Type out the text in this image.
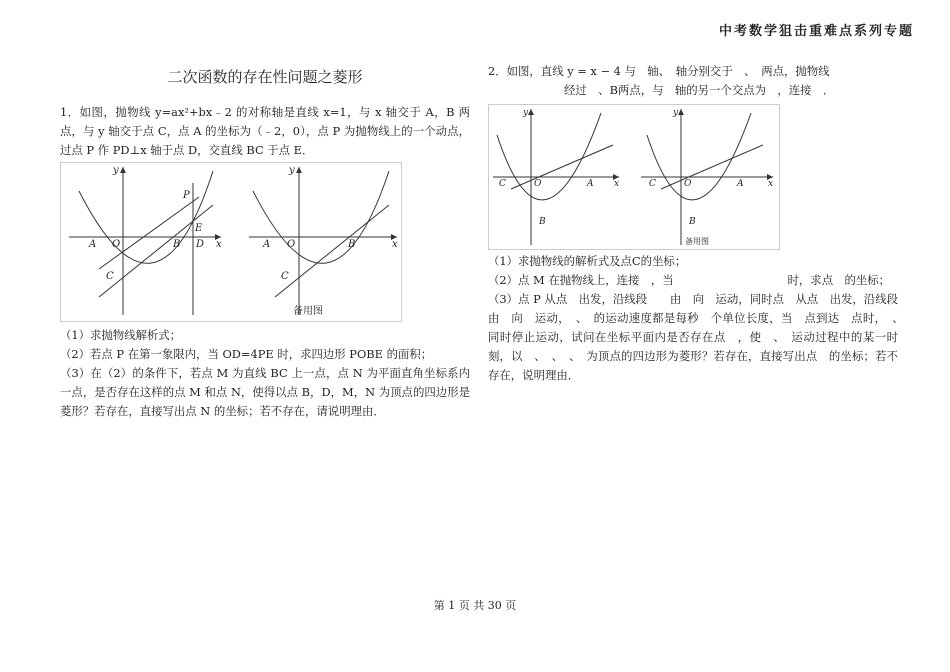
中考数学狙击重难点系列专题
二次函数的存在性问题之菱形

1．如图，抛物线 y=ax²+bx﹣2 的对称轴是直线 x=1，与 x 轴交于 A，B 两点，与 y 轴交于点 C，点 A 的坐标为（﹣2，0），点 P 为抛物线上的一个动点，过点 P 作 PD⊥x 轴于点 D，交直线 BC 于点 E．

y
x
A O	B D
E
P
C
y
x
A O	B
C
备用图

（1）求抛物线解析式；

（2）若点 P 在第一象限内，当 OD=4PE 时，求四边形 POBE 的面积；

（3）在（2）的条件下，若点 M 为直线 BC 上一点，点 N 为平面直角坐标系内一点，是否存在这样的点 M 和点 N，使得以点 B，D，M，N 为顶点的四边形是菱形？若存在，直接写出点 N 的坐标；若不存在，请说明理由．

2．如图，直线 y = x − 4 与　轴、　轴分别交于　、　两点，抛物线

经过　、B两点，与　轴的另一个交点为　，连接　．

y
x
C	O	A
B
y
x
C	O	A
B
备用图

（1）求抛物线的解析式及点C的坐标；

（2）点 M 在抛物线上，连接　，当　　　　　　　　　　时，求点　的坐标；

（3）点 P 从点　出发，沿线段　　由　向　运动，同时点　从点　出发，沿线段　　由　向　运动，　、　的运动速度都是每秒　个单位长度，当　点到达　点时，　、　同时停止运动，试问在坐标平面内是否存在点　，使　、　运动过程中的某一时刻，以　、　、　、　为顶点的四边形为菱形？若存在，直接写出点　的坐标；若不存在，说明理由．

第 1 页 共 30 页
